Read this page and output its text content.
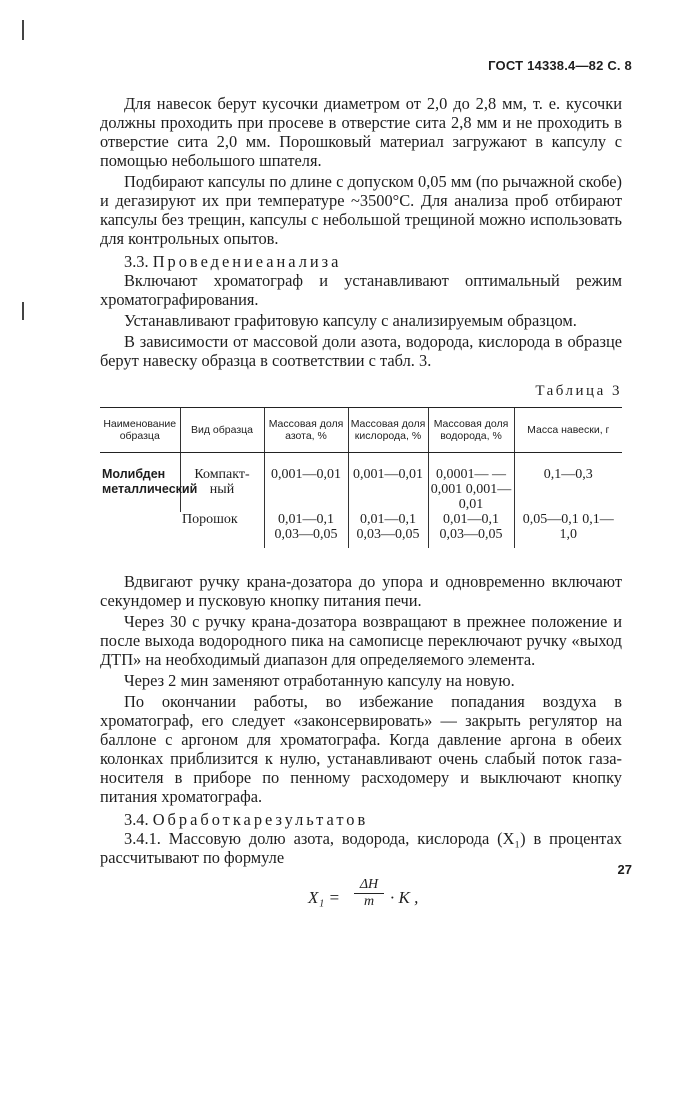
ГОСТ 14338.4—82 С. 8

Для навесок берут кусочки диаметром от 2,0 до 2,8 мм, т. е. кусочки должны проходить при просеве в отверстие сита 2,8 мм и не проходить в отверстие сита 2,0 мм. Порошковый материал загружают в капсулу с помощью небольшого шпателя.

Подбирают капсулы по длине с допуском 0,05 мм (по рычажной скобе) и дегазируют их при температуре ~3500°С. Для анализа проб отбирают капсулы без трещин, капсулы с небольшой трещиной можно использовать для контрольных опытов.

3.3. Проведениеанализа

Включают хроматограф и устанавливают оптимальный режим хроматографирования.

Устанавливают графитовую капсулу с анализируемым образцом.

В зависимости от массовой доли азота, водорода, кислорода в образце берут навеску образца в соответствии с табл. 3.

Таблица 3
Наименование образца	Вид образца	Массовая доля азота, %	Массовая доля кислорода, %	Массовая доля водорода, %	Масса навески, г
Молибден металлический	Компакт-ный	0,001—0,01	0,001—0,01	0,0001— —0,001 0,001—0,01	0,1—0,3
	Порошок	0,01—0,1 0,03—0,05	0,01—0,1 0,03—0,05	0,01—0,1 0,03—0,05	0,05—0,1 0,1—1,0

Вдвигают ручку крана-дозатора до упора и одновременно включают секундомер и пусковую кнопку питания печи.

Через 30 с ручку крана-дозатора возвращают в прежнее положение и после выхода водородного пика на самописце переключают ручку «выход ДТП» на необходимый диапазон для определяемого элемента.

Через 2 мин заменяют отработанную капсулу на новую.

По окончании работы, во избежание попадания воздуха в хроматограф, его следует «законсервировать» — закрыть регулятор на баллоне с аргоном для хроматографа. Когда давление аргона в обеих колонках приблизится к нулю, устанавливают очень слабый поток газа-носителя в приборе по пенному расходомеру и выключают кнопку питания хроматографа.

3.4. Обработкарезультатов

3.4.1. Массовую долю азота, водорода, кислорода (X₁) в процентах рассчитывают по формуле

$X_1 = \frac{\Delta H}{m} \cdot K$ ,
27
